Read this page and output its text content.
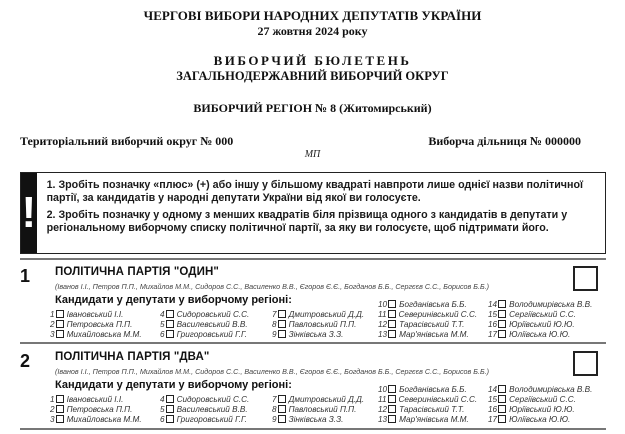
ЧЕРГОВІ ВИБОРИ НАРОДНИХ ДЕПУТАТІВ УКРАЇНИ
27 жовтня 2024 року
ВИБОРЧИЙ БЮЛЕТЕНЬ
ЗАГАЛЬНОДЕРЖАВНИЙ ВИБОРЧИЙ ОКРУГ
ВИБОРЧИЙ РЕГІОН № 8 (Житомирський)
Територіальний виборчий округ № 000	Виборча дільниця № 000000
МП
!

1. Зробіть позначку «плюс» (+) або іншу у більшому квадраті навпроти лише однієї назви політичної партії, за кандидатів у народні депутати України від якої ви голосуєте.

2. Зробіть позначку у одному з менших квадратів біля прізвища одного з кандидатів в депутати у регіональному виборчому списку політичної партії, за яку ви голосуєте, щоб підтримати його.

1 ПОЛІТИЧНА ПАРТІЯ "ОДИН"
(Іванов І.І., Петров П.П., Михайлов М.М., Сидоров С.С., Василенко В.В., Єгоров Є.Є., Богданов Б.Б., Сергєєв С.С., Борисов Б.Б.)
Кандидати у депутати у виборчому регіоні:
1 Івановський І.І.
2 Петровська П.П.
3 Михайловська М.М.
4 Сидоровський С.С.
5 Василевський В.В.
6 Григоровський Г.Г.
7 Дмитровський Д.Д.
8 Павловський П.П.
9 Зінківська З.З.
10 Богданівська Б.Б.
11 Северинівський С.С.
12 Тарасівський Т.Т.
13 Мар'янівська М.М.
14 Володимирівська В.В.
15 Сергіївський С.С.
16 Юріївський Ю.Ю.
17 Юліївська Ю.Ю.
2 ПОЛІТИЧНА ПАРТІЯ "ДВА"
(Іванов І.І., Петров П.П., Михайлов М.М., Сидоров С.С., Василенко В.В., Єгоров Є.Є., Богданов Б.Б., Сергєєв С.С., Борисов Б.Б.)
Кандидати у депутати у виборчому регіоні:
1 Івановський І.І.
2 Петровська П.П.
3 Михайловська М.М.
4 Сидоровський С.С.
5 Василевський В.В.
6 Григоровський Г.Г.
7 Дмитровський Д.Д.
8 Павловський П.П.
9 Зінківська З.З.
10 Богданівська Б.Б.
11 Северинівський С.С.
12 Тарасівський Т.Т.
13 Мар'янівська М.М.
14 Володимирівська В.В.
15 Сергіївський С.С.
16 Юріївський Ю.Ю.
17 Юліївська Ю.Ю.
